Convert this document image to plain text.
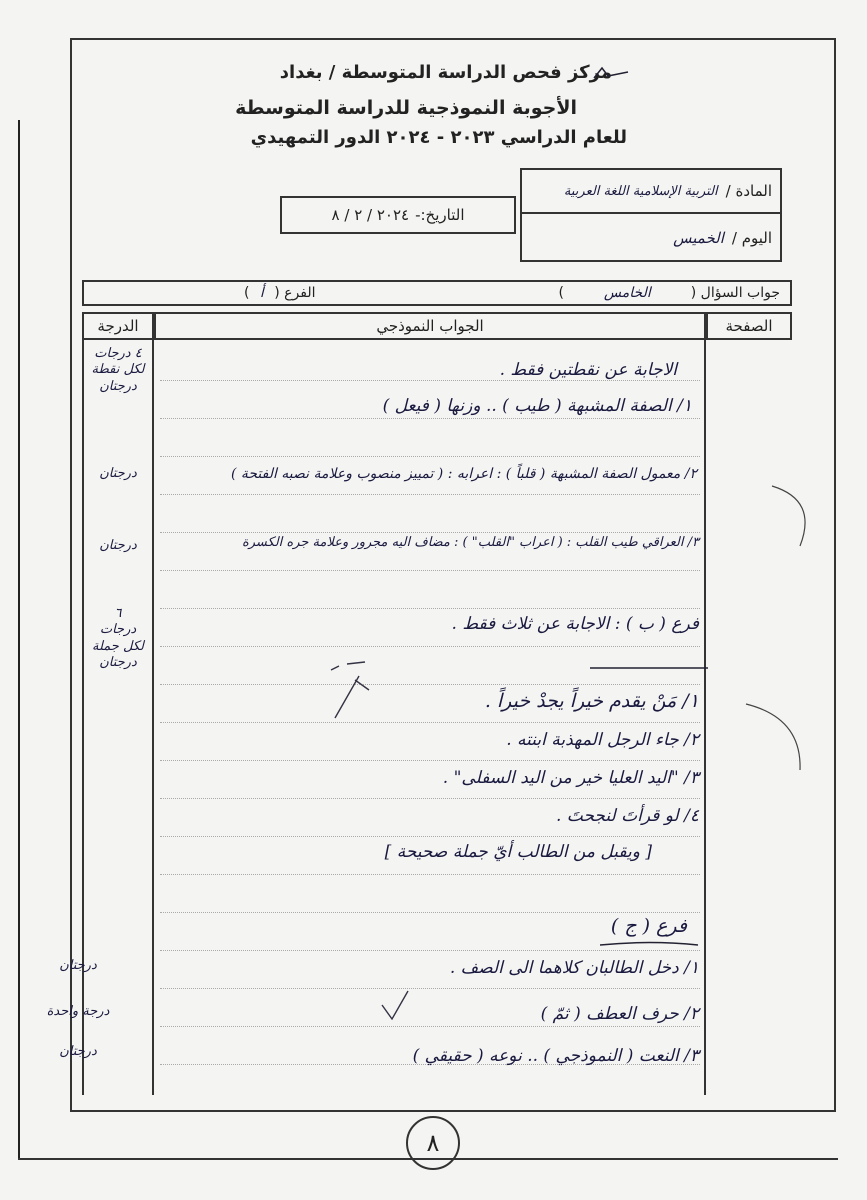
مركز فحص الدراسة المتوسطة / بغداد
الأجوبة النموذجية للدراسة المتوسطة
للعام الدراسي ٢٠٢٣ - ٢٠٢٤ الدور التمهيدي
المادة /
التربية الإسلامية اللغة العربية
اليوم /
الخميس
التاريخ:-
٢٠٢٤ / ٢ / ٨
جواب السؤال (
الخامس
)
الفرع ( أ )
الصفحة
الجواب النموذجي
الدرجة
الاجابة عن نقطتين فقط .
١/ الصفة المشبهة ( طيب ) .. وزنها ( فيعل )
٢/ معمول الصفة المشبهة ( قلباً ) : اعرابه : ( تمييز منصوب وعلامة نصبه الفتحة )
٣/ العراقي طيب القلب : ( اعراب "القلب" ) : مضاف اليه مجرور وعلامة جره الكسرة
فرع ( ب ) : الاجابة عن ثلاث فقط .
١/ مَنْ يقدم خيراً يجدْ خيراً .
٢/ جاء الرجل المهذبة ابنته .
٣/ "اليد العليا خير من اليد السفلى" .
٤/ لو قرأتَ لنجحتَ .
[ ويقبل من الطالب أيّ جملة صحيحة ]
فرع ( ج )
١/ دخل الطالبان كلاهما الى الصف .
٢/ حرف العطف ( ثمّ )
٣/ النعت ( النموذجي ) .. نوعه ( حقيقي )
٤ درجات
لكل نقطة
درجتان
درجتان
درجتان
٦
درجات
لكل جملة
درجتان
درجتان
درجة واحدة
درجتان
٨
